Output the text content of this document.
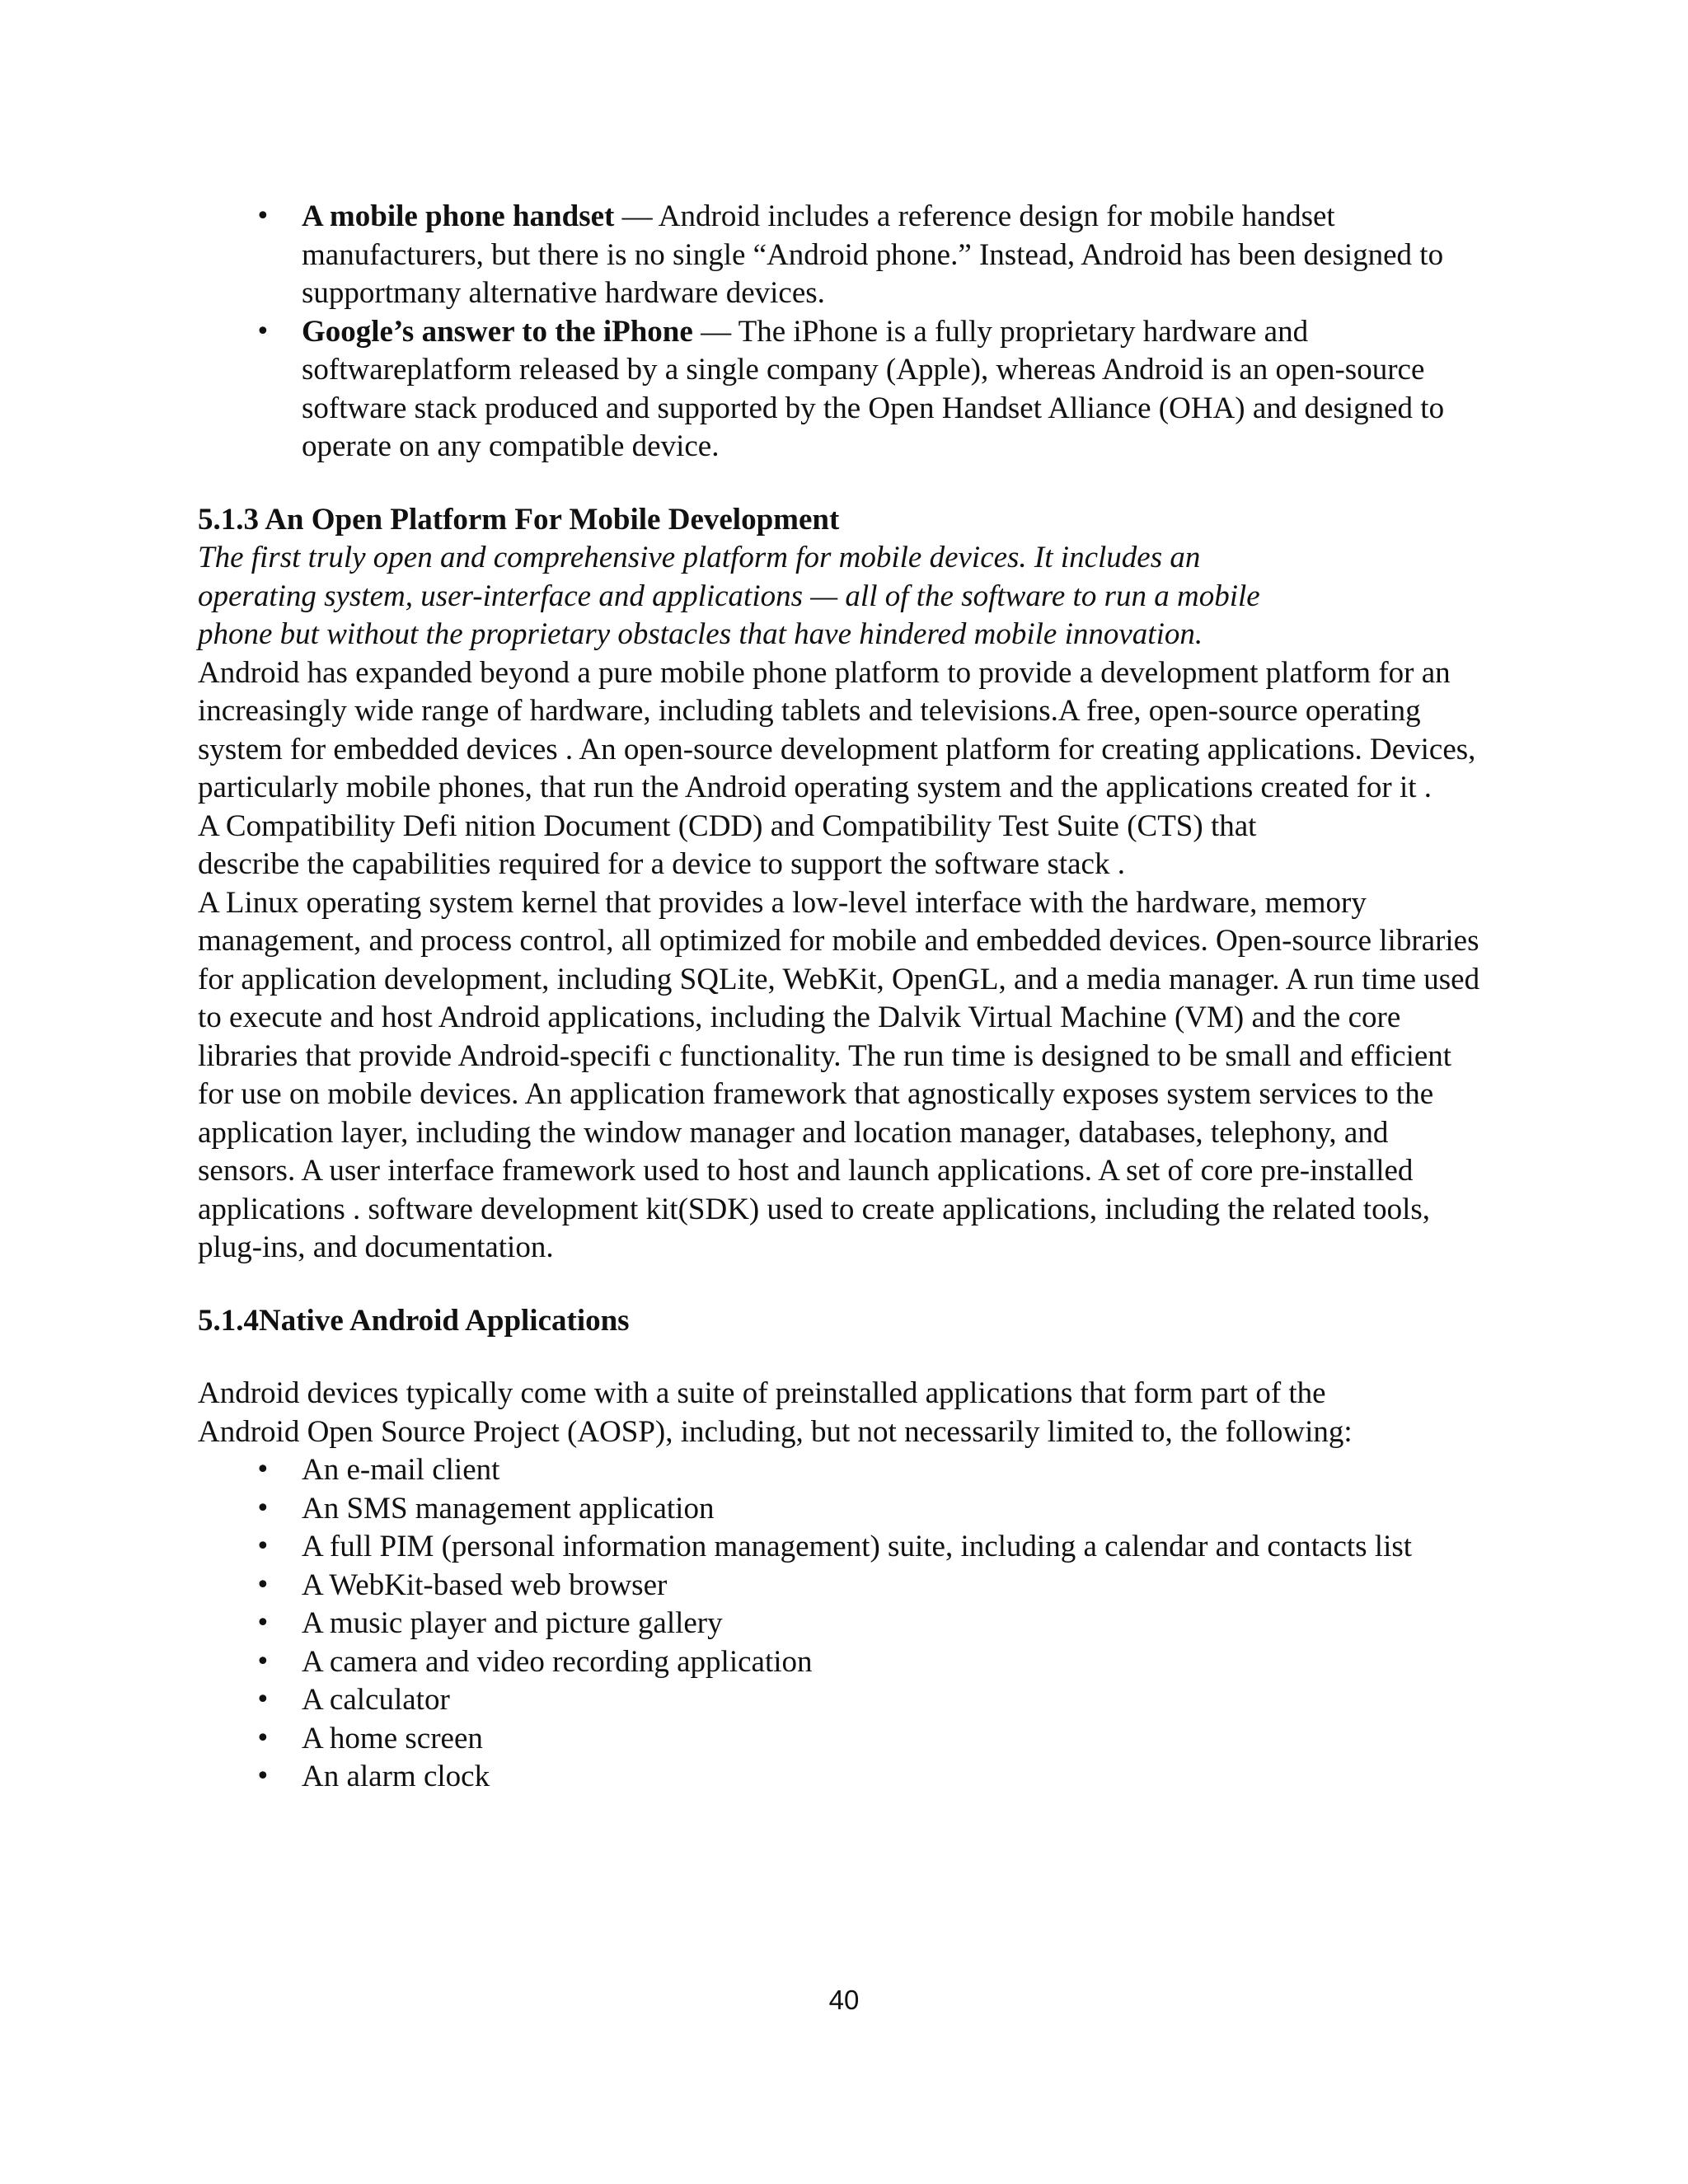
• A mobile phone handset — Android includes a reference design for mobile handset manufacturers, but there is no single “Android phone.” Instead, Android has been designed to supportmany alternative hardware devices.
• Google’s answer to the iPhone — The iPhone is a fully proprietary hardware and softwareplatform released by a single company (Apple), whereas Android is an open-source software stack produced and supported by the Open Handset Alliance (OHA) and designed to operate on any compatible device.
5.1.3 An Open Platform For Mobile Development

The first truly open and comprehensive platform for mobile devices. It includes an operating system, user-interface and applications — all of the software to run a mobile phone but without the proprietary obstacles that have hindered mobile innovation.

Android has expanded beyond a pure mobile phone platform to provide a development platform for an increasingly wide range of hardware, including tablets and televisions.A free, open-source operating system for embedded devices . An open-source development platform for creating applications. Devices, particularly mobile phones, that run the Android operating system and the applications created for it .

A Compatibility Defi nition Document (CDD) and Compatibility Test Suite (CTS) that describe the capabilities required for a device to support the software stack .

A Linux operating system kernel that provides a low-level interface with the hardware, memory management, and process control, all optimized for mobile and embedded devices. Open-source libraries for application development, including SQLite, WebKit, OpenGL, and a media manager. A run time used to execute and host Android applications, including the Dalvik Virtual Machine (VM) and the core libraries that provide Android-specifi c functionality. The run time is designed to be small and efficient for use on mobile devices. An application framework that agnostically exposes system services to the application layer, including the window manager and location manager, databases, telephony, and sensors. A user interface framework used to host and launch applications. A set of core pre-installed applications . software development kit(SDK) used to create applications, including the related tools, plug-ins, and documentation.

5.1.4Native Android Applications

Android devices typically come with a suite of preinstalled applications that form part of the Android Open Source Project (AOSP), including, but not necessarily limited to, the following:

• An e-mail client
• An SMS management application
• A full PIM (personal information management) suite, including a calendar and contacts list
• A WebKit-based web browser
• A music player and picture gallery
• A camera and video recording application
• A calculator
• A home screen
• An alarm clock
40
